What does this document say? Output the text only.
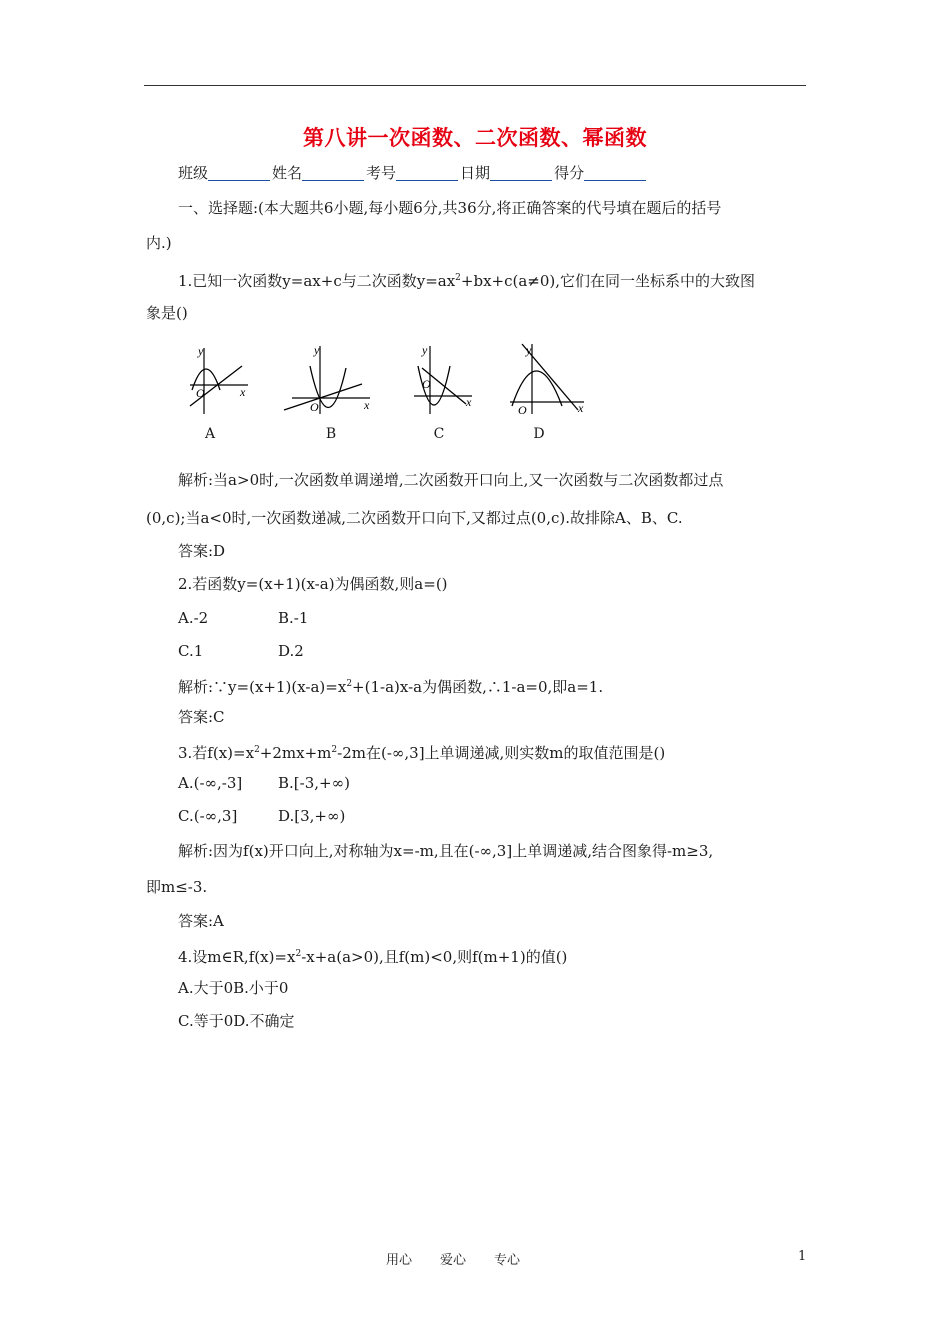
第八讲一次函数、二次函数、幂函数
班级	姓名	考号	日期	得分
一、选择题:(本大题共6小题,每小题6分,共36分,将正确答案的代号填在题后的括号
内.)
1.已知一次函数y=ax+c与二次函数$y=ax^2+bx+c(a\ne 0)$,它们在同一坐标系中的大致图
象是()
y
x
O
A
y
x
O
B
y
x
O
C
y
x
O
D
解析:当a>0时,一次函数单调递增,二次函数开口向上,又一次函数与二次函数都过点
(0,c);当a<0时,一次函数递减,二次函数开口向下,又都过点(0,c).故排除A、B、C.
答案:D
2.若函数y=(x+1)(x-a)为偶函数,则a=()
A.-2	B.-1
C.1	D.2
解析$:\because y=(x+1)(x-a)=x^2+(1-a)x-a$为偶函数,∴1-a=0,即a=1.
答案:C
3.若$f(x)=x^2+2mx+m^2-2m$在(-∞,3]上单调递减,则实数m的取值范围是()
A.(-∞,-3] B.[-3,+∞)
C.(-∞,3]	D.[3,+∞)
解析:因为f(x)开口向上,对称轴为x=-m,且在(-∞,3]上单调递减,结合图象得-m≥3,
即m≤-3.
答案:A
4.设$m\in R,f(x)=x^2-x+a(a>0)$,且f(m)<0,则f(m+1)的值()
A.大于0B.小于0
C.等于0D.不确定
用心 爱心 专心	1
